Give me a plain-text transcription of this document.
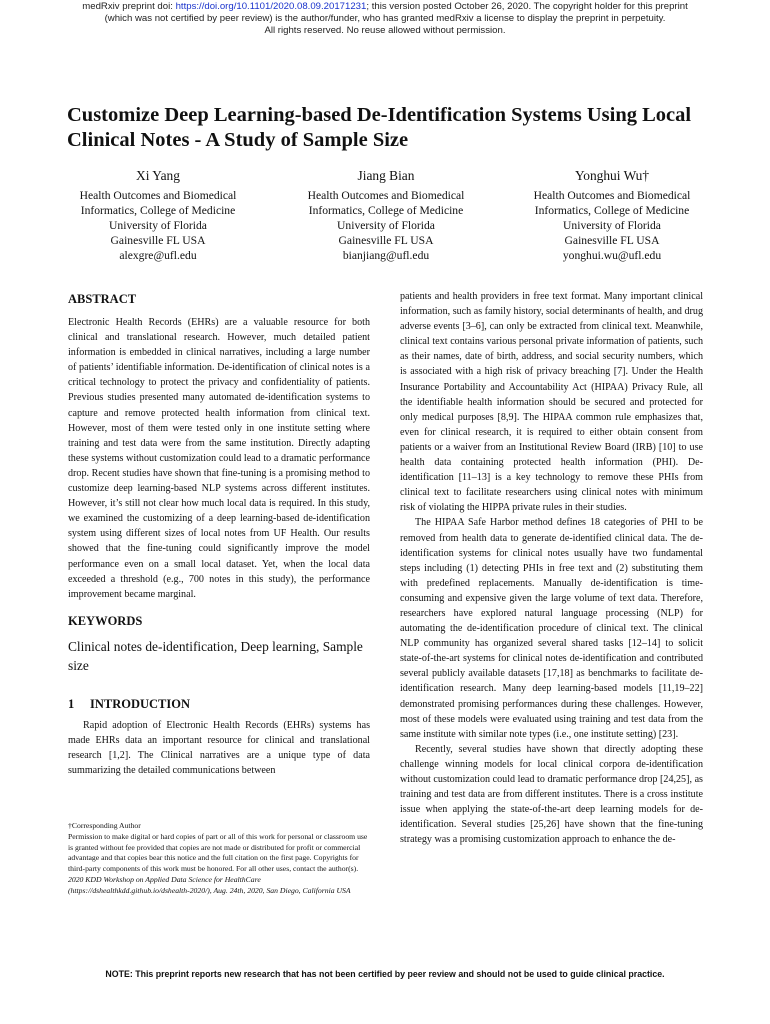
medRxiv preprint doi: https://doi.org/10.1101/2020.08.09.20171231; this version posted October 26, 2020. The copyright holder for this preprint
(which was not certified by peer review) is the author/funder, who has granted medRxiv a license to display the preprint in perpetuity.
All rights reserved. No reuse allowed without permission.
Customize Deep Learning-based De-Identification Systems Using Local Clinical Notes - A Study of Sample Size
Xi Yang
Health Outcomes and Biomedical
Informatics, College of Medicine
University of Florida
Gainesville FL USA
alexgre@ufl.edu
Jiang Bian
Health Outcomes and Biomedical
Informatics, College of Medicine
University of Florida
Gainesville FL USA
bianjiang@ufl.edu
Yonghui Wu†
Health Outcomes and Biomedical
Informatics, College of Medicine
University of Florida
Gainesville FL USA
yonghui.wu@ufl.edu
ABSTRACT

Electronic Health Records (EHRs) are a valuable resource for both clinical and translational research. However, much detailed patient information is embedded in clinical narratives, including a large number of patients’ identifiable information. De-identification of clinical notes is a critical technology to protect the privacy and confidentiality of patients. Previous studies presented many automated de-identification systems to capture and remove protected health information from clinical text. However, most of them were tested only in one institute setting where training and test data were from the same institution. Directly adapting these systems without customization could lead to a dramatic performance drop. Recent studies have shown that fine-tuning is a promising method to customize deep learning-based NLP systems across different institutes. However, it’s still not clear how much local data is required. In this study, we examined the customizing of a deep learning-based de-identification system using different sizes of local notes from UF Health. Our results showed that the fine-tuning could significantly improve the model performance even on a small local dataset. Yet, when the local data exceeded a threshold (e.g., 700 notes in this study), the performance improvement became marginal.

KEYWORDS

Clinical notes de-identification, Deep learning, Sample size

1 INTRODUCTION

Rapid adoption of Electronic Health Records (EHRs) systems has made EHRs data an important resource for clinical and translational research [1,2]. The Clinical narratives are a unique type of data summarizing the detailed communications between

†Corresponding Author
Permission to make digital or hard copies of part or all of this work for personal or classroom use is granted without fee provided that copies are not made or distributed for profit or commercial advantage and that copies bear this notice and the full citation on the first page. Copyrights for third-party components of this work must be honored. For all other uses, contact the author(s).
2020 KDD Workshop on Applied Data Science for HealthCare
(https://dshealthkdd.github.io/dshealth-2020/), Aug. 24th, 2020, San Diego, California USA

patients and health providers in free text format. Many important clinical information, such as family history, social determinants of health, and drug adverse events [3–6], can only be extracted from clinical text. Meanwhile, clinical text contains various personal private information of patients, such as their names, date of birth, address, and social security numbers, which is associated with a high risk of privacy breaching [7]. Under the Health Insurance Portability and Accountability Act (HIPAA) Privacy Rule, all the identifiable health information should be secured and protected for only medical purposes [8,9]. The HIPAA common rule emphasizes that, even for clinical research, it is required to either obtain consent from patients or a waiver from an Institutional Review Board (IRB) [10] to use health data containing protected health information (PHI). De-identification [11–13] is a key technology to remove these PHIs from clinical text to facilitate researchers using clinical notes with minimum risk of violating the HIPPA private rules in their studies.

The HIPAA Safe Harbor method defines 18 categories of PHI to be removed from health data to generate de-identified clinical data. The de-identification systems for clinical notes usually have two fundamental steps including (1) detecting PHIs in free text and (2) substituting them with predefined replacements. Manually de-identification is time-consuming and expensive given the large volume of text data. Therefore, researchers have explored natural language processing (NLP) for automating the de-identification procedure of clinical text. The clinical NLP community has organized several shared tasks [12–14] to solicit state-of-the-art systems for clinical notes de-identification and contributed several publicly available datasets [17,18] as benchmarks to facilitate de-identification research. Many deep learning-based models [11,19–22] demonstrated promising performances during these challenges. However, most of these models were evaluated using training and test data from the same institute with similar note types (i.e., one institute setting) [23].

Recently, several studies have shown that directly adopting these challenge winning models for local clinical corpora de-identification without customization could lead to dramatic performance drop [24,25], as training and test data are from different institutes. There is a cross institute issue when applying the state-of-the-art deep learning models for de-identification. Several studies [25,26] have shown that the fine-tuning strategy was a promising customization approach to enhance the de-

NOTE: This preprint reports new research that has not been certified by peer review and should not be used to guide clinical practice.
